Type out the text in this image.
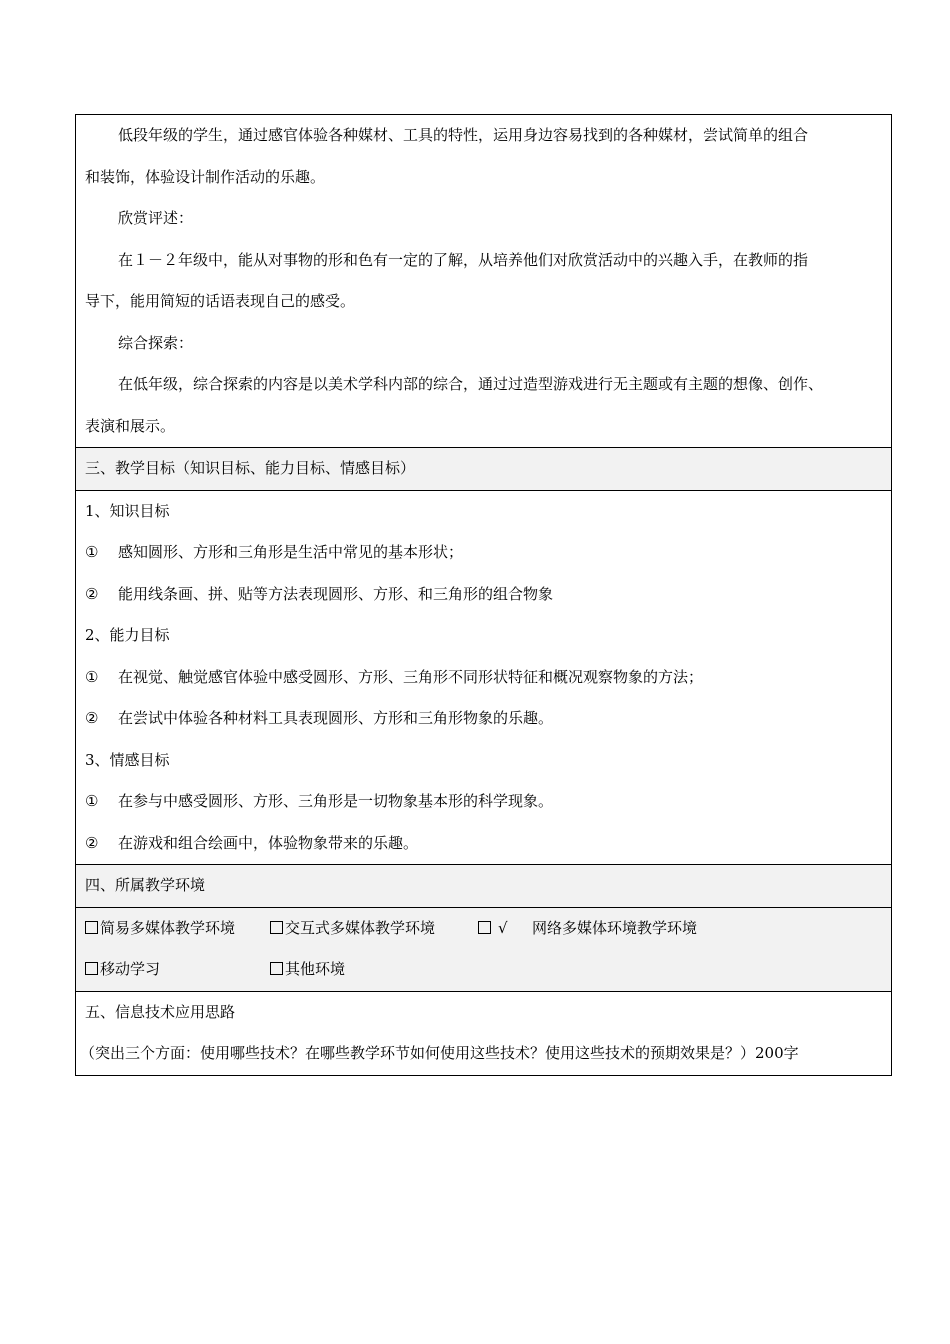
低段年级的学生，通过感官体验各种媒材、工具的特性，运用身边容易找到的各种媒材，尝试简单的组合
和装饰，体验设计制作活动的乐趣。
欣赏评述：
在１－２年级中，能从对事物的形和色有一定的了解，从培养他们对欣赏活动中的兴趣入手，在教师的指
导下，能用简短的话语表现自己的感受。
综合探索：
在低年级，综合探索的内容是以美术学科内部的综合，通过过造型游戏进行无主题或有主题的想像、创作、
表演和展示。
三、教学目标（知识目标、能力目标、情感目标）
1、知识目标
① 感知圆形、方形和三角形是生活中常见的基本形状；
② 能用线条画、拼、贴等方法表现圆形、方形、和三角形的组合物象
2、能力目标
① 在视觉、触觉感官体验中感受圆形、方形、三角形不同形状特征和概况观察物象的方法；
② 在尝试中体验各种材料工具表现圆形、方形和三角形物象的乐趣。
3、情感目标
① 在参与中感受圆形、方形、三角形是一切物象基本形的科学现象。
② 在游戏和组合绘画中，体验物象带来的乐趣。
四、所属教学环境
简易多媒体教学环境	交互式多媒体教学环境	√ 网络多媒体环境教学环境
移动学习	其他环境
五、信息技术应用思路
（突出三个方面：使用哪些技术？在哪些教学环节如何使用这些技术？使用这些技术的预期效果是？）200字
